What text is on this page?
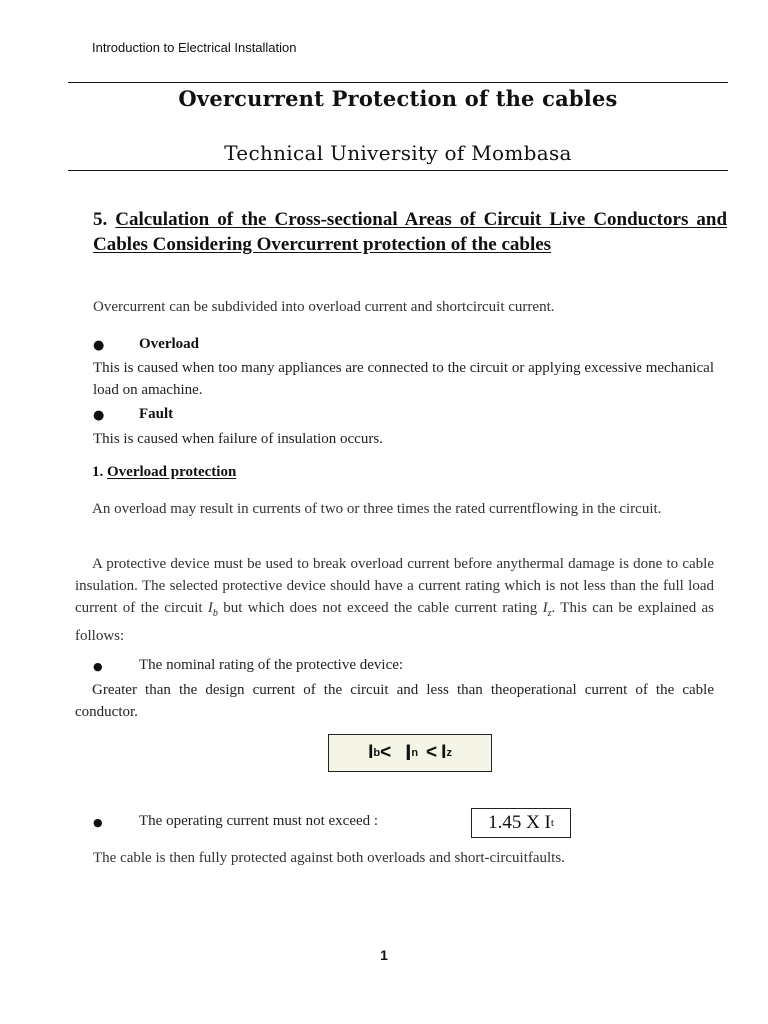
Introduction to Electrical Installation
Overcurrent Protection of the cables
Technical University of Mombasa
5. Calculation of the Cross-sectional Areas of Circuit Live Conductors and Cables Considering Overcurrent protection of the cables
Overcurrent can be subdivided into overload current and shortcircuit current.
● Overload
This is caused when too many appliances are connected to the circuit or applying excessive mechanical load on amachine.
● Fault
This is caused when failure of insulation occurs.
1. Overload protection
An overload may result in currents of two or three times the rated currentflowing in the circuit.
A protective device must be used to break overload current before anythermal damage is done to cable insulation. The selected protective device should have a current rating which is not less than the full load current of the circuit $I_b$ but which does not exceed the cable current rating $I_z$. This can be explained as follows:
● The nominal rating of the protective device:
Greater than the design current of the circuit and less than theoperational current of the cable conductor.
I b < I n < I z
● The operating current must not exceed :	1.45 X I t
The cable is then fully protected against both overloads and short-circuitfaults.
1
